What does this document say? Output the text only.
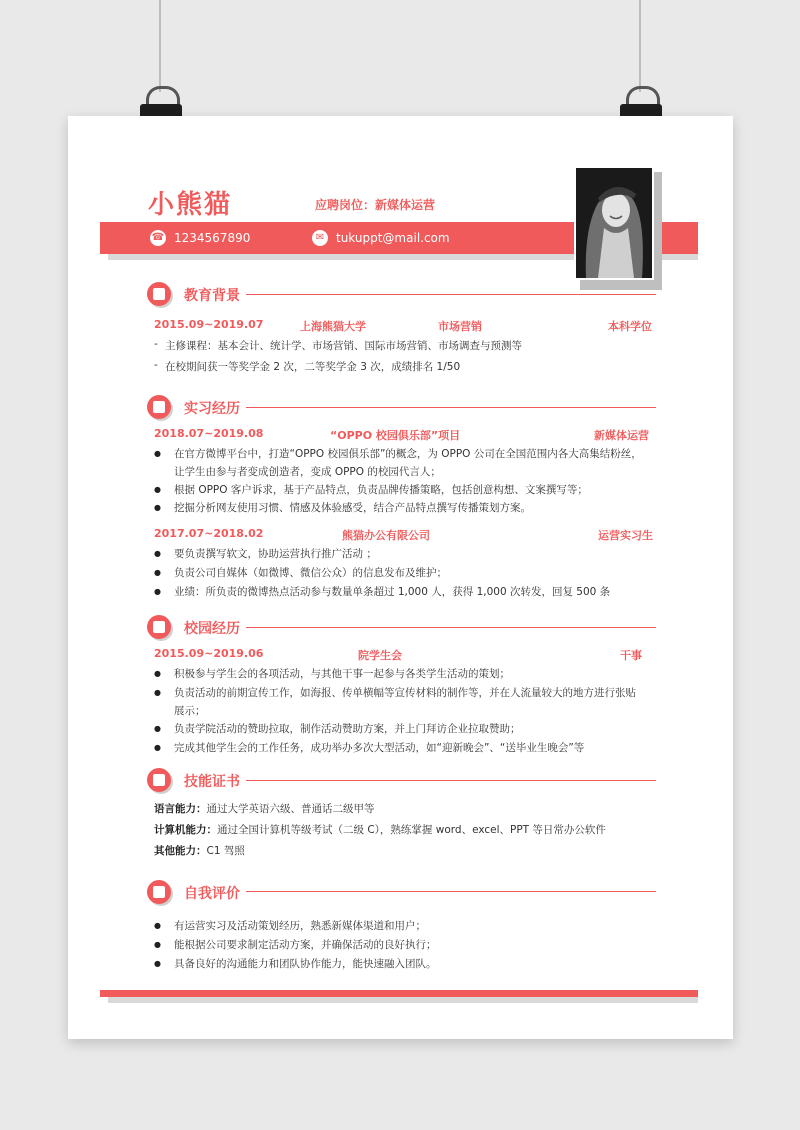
小熊猫	应聘岗位：新媒体运营
☎ 1234567890	✉ tukuppt@mail.com
教育背景
2015.09~2019.07	上海熊猫大学	市场营销	本科学位
- 主修课程：基本会计、统计学、市场营销、国际市场营销、市场调查与预测等
- 在校期间获一等奖学金 2 次，二等奖学金 3 次，成绩排名 1/50
实习经历
2018.07~2019.08	“OPPO 校园俱乐部”项目	新媒体运营
● 在官方微博平台中，打造“OPPO 校园俱乐部”的概念，为 OPPO 公司在全国范围内各大高集结粉丝，
让学生由参与者变成创造者，变成 OPPO 的校园代言人；
● 根据 OPPO 客户诉求，基于产品特点，负责品牌传播策略，包括创意构想、文案撰写等；
● 挖掘分析网友使用习惯、情感及体验感受，结合产品特点撰写传播策划方案。
2017.07~2018.02	熊猫办公有限公司	运营实习生
● 要负责撰写软文，协助运营执行推广活动 ；
● 负责公司自媒体（如微博、微信公众）的信息发布及维护；
● 业绩：所负责的微博热点活动参与数量单条超过 1,000 人，获得 1,000 次转发，回复 500 条
校园经历
2015.09~2019.06	院学生会	干事
● 积极参与学生会的各项活动，与其他干事一起参与各类学生活动的策划；
● 负责活动的前期宣传工作，如海报、传单横幅等宣传材料的制作等，并在人流量较大的地方进行张贴
展示；
● 负责学院活动的赞助拉取，制作活动赞助方案，并上门拜访企业拉取赞助；
● 完成其他学生会的工作任务，成功举办多次大型活动，如“迎新晚会”、“送毕业生晚会”等
技能证书
语言能力：通过大学英语六级、普通话二级甲等
计算机能力：通过全国计算机等级考试（二级 C），熟练掌握 word、excel、PPT 等日常办公软件
其他能力：C1 驾照
自我评价
● 有运营实习及活动策划经历，熟悉新媒体渠道和用户；
● 能根据公司要求制定活动方案，并确保活动的良好执行；
● 具备良好的沟通能力和团队协作能力，能快速融入团队。
